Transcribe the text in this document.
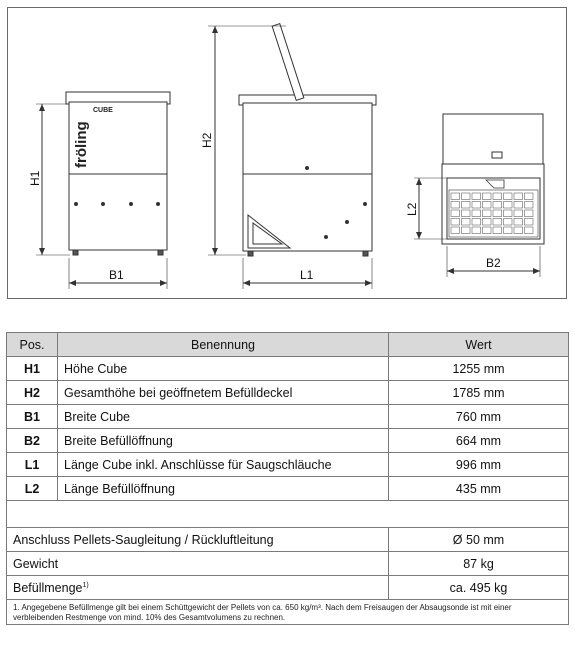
fröling
CUBE
H1
B1
H2
L1
L2
B2
Pos.	Benennung	Wert
H1	Höhe Cube	1255 mm
H2	Gesamthöhe bei geöffnetem Befülldeckel	1785 mm
B1	Breite Cube	760 mm
B2	Breite Befüllöffnung	664 mm
L1	Länge Cube inkl. Anschlüsse für Saugschläuche	996 mm
L2	Länge Befüllöffnung	435 mm

Anschluss Pellets-Saugleitung / Rückluftleitung		Ø 50 mm
Gewicht		87 kg
Befüllmenge$^{1)}$		ca. 495 kg
1. Angegebene Befüllmenge gilt bei einem Schüttgewicht der Pellets von ca. 650 kg/m³. Nach dem Freisaugen der Absaugsonde ist mit einer verbleibenden Restmenge von mind. 10% des Gesamtvolumens zu rechnen.		
